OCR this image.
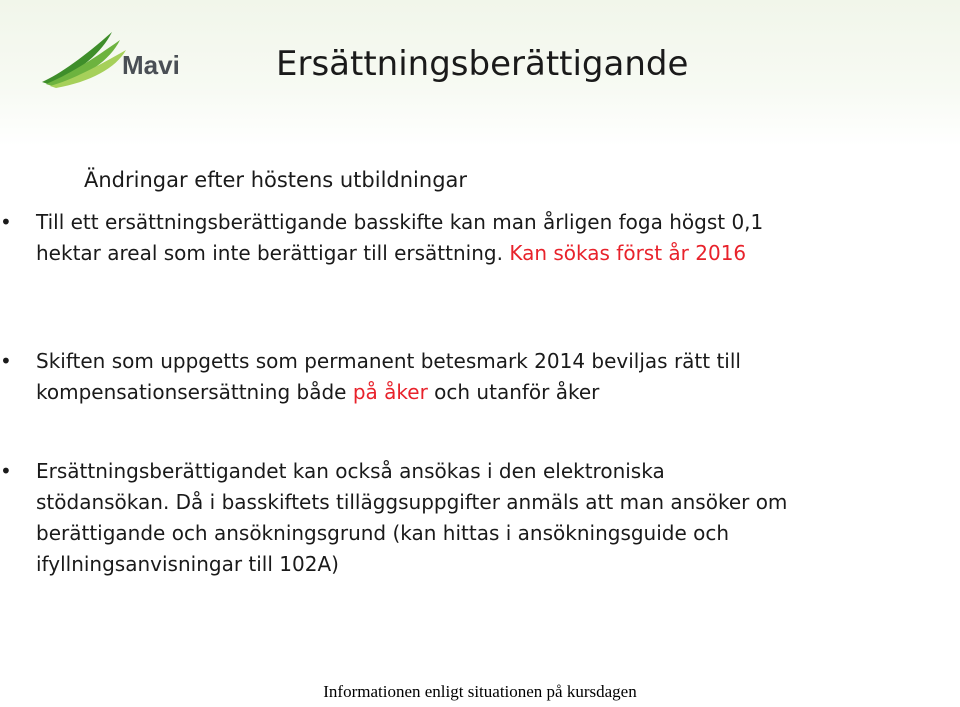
Mavi	Ersättningsberättigande
Ändringar efter höstens utbildningar
•	Till ett ersättningsberättigande basskifte kan man årligen foga högst 0,1 hektar areal som inte berättigar till ersättning. Kan sökas först år 2016
•	Skiften som uppgetts som permanent betesmark 2014 beviljas rätt till kompensationsersättning både på åker och utanför åker
•	Ersättningsberättigandet kan också ansökas i den elektroniska stödansökan. Då i basskiftets tilläggsuppgifter anmäls att man ansöker om berättigande och ansökningsgrund (kan hittas i ansökningsguide och ifyllningsanvisningar till 102A)
Informationen enligt situationen på kursdagen
